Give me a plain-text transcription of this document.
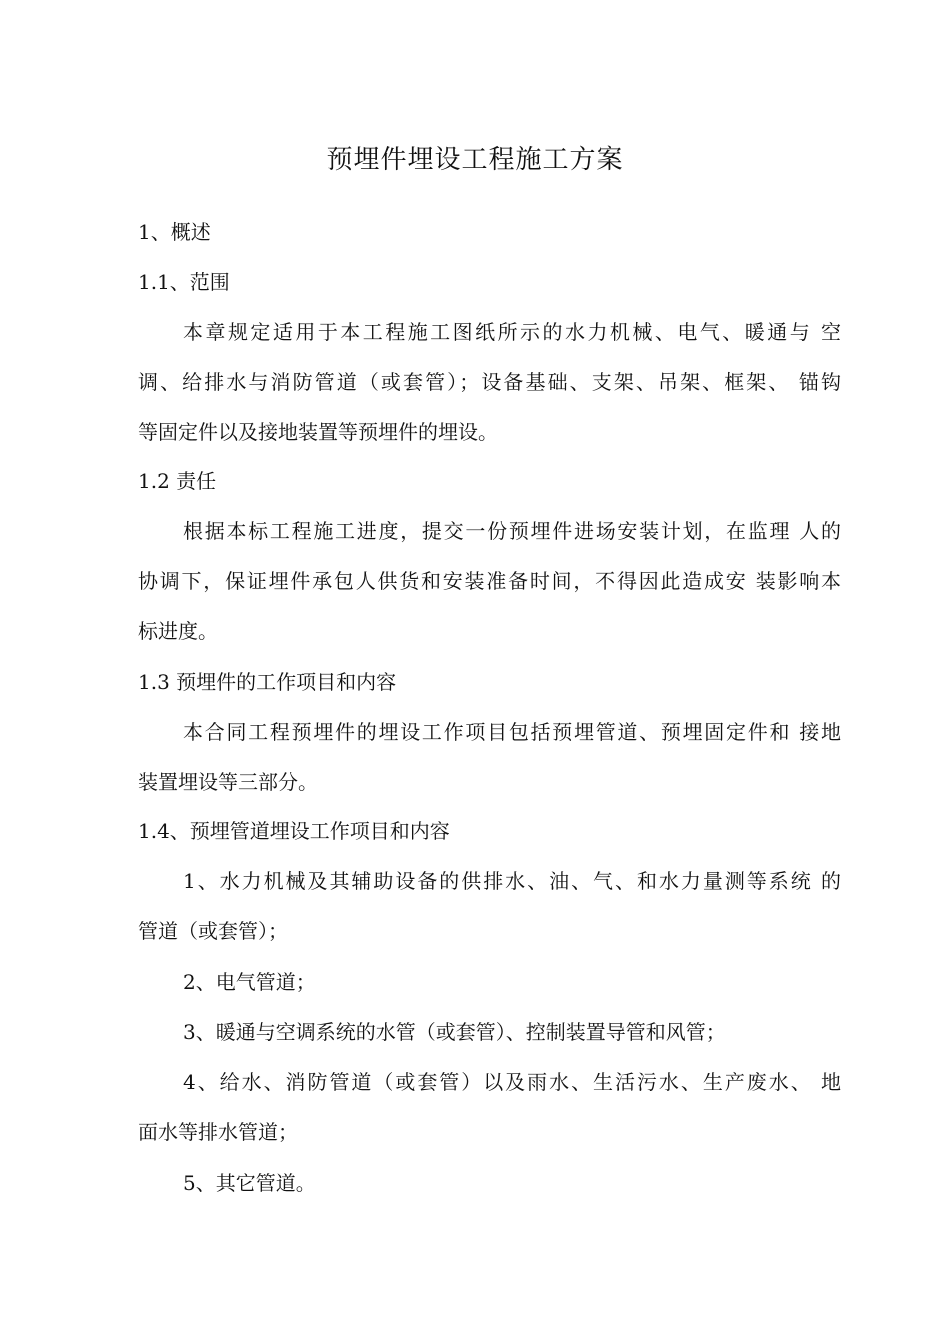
预埋件埋设工程施工方案
1、概述
1.1、范围
本章规定适用于本工程施工图纸所示的水力机械、电气、暖通与 空
调、给排水与消防管道（或套管）；设备基础、支架、吊架、框架、 锚钩
等固定件以及接地装置等预埋件的埋设。
1.2 责任
根据本标工程施工进度，提交一份预埋件进场安装计划，在监理 人的
协调下，保证埋件承包人供货和安装准备时间，不得因此造成安 装影响本
标进度。
1.3 预埋件的工作项目和内容
本合同工程预埋件的埋设工作项目包括预埋管道、预埋固定件和 接地
装置埋设等三部分。
1.4、预埋管道埋设工作项目和内容
1、水力机械及其辅助设备的供排水、油、气、和水力量测等系统 的
管道（或套管）；
2、电气管道；
3、暖通与空调系统的水管（或套管）、控制装置导管和风管；
4、给水、消防管道（或套管）以及雨水、生活污水、生产废水、 地
面水等排水管道；
5、其它管道。
